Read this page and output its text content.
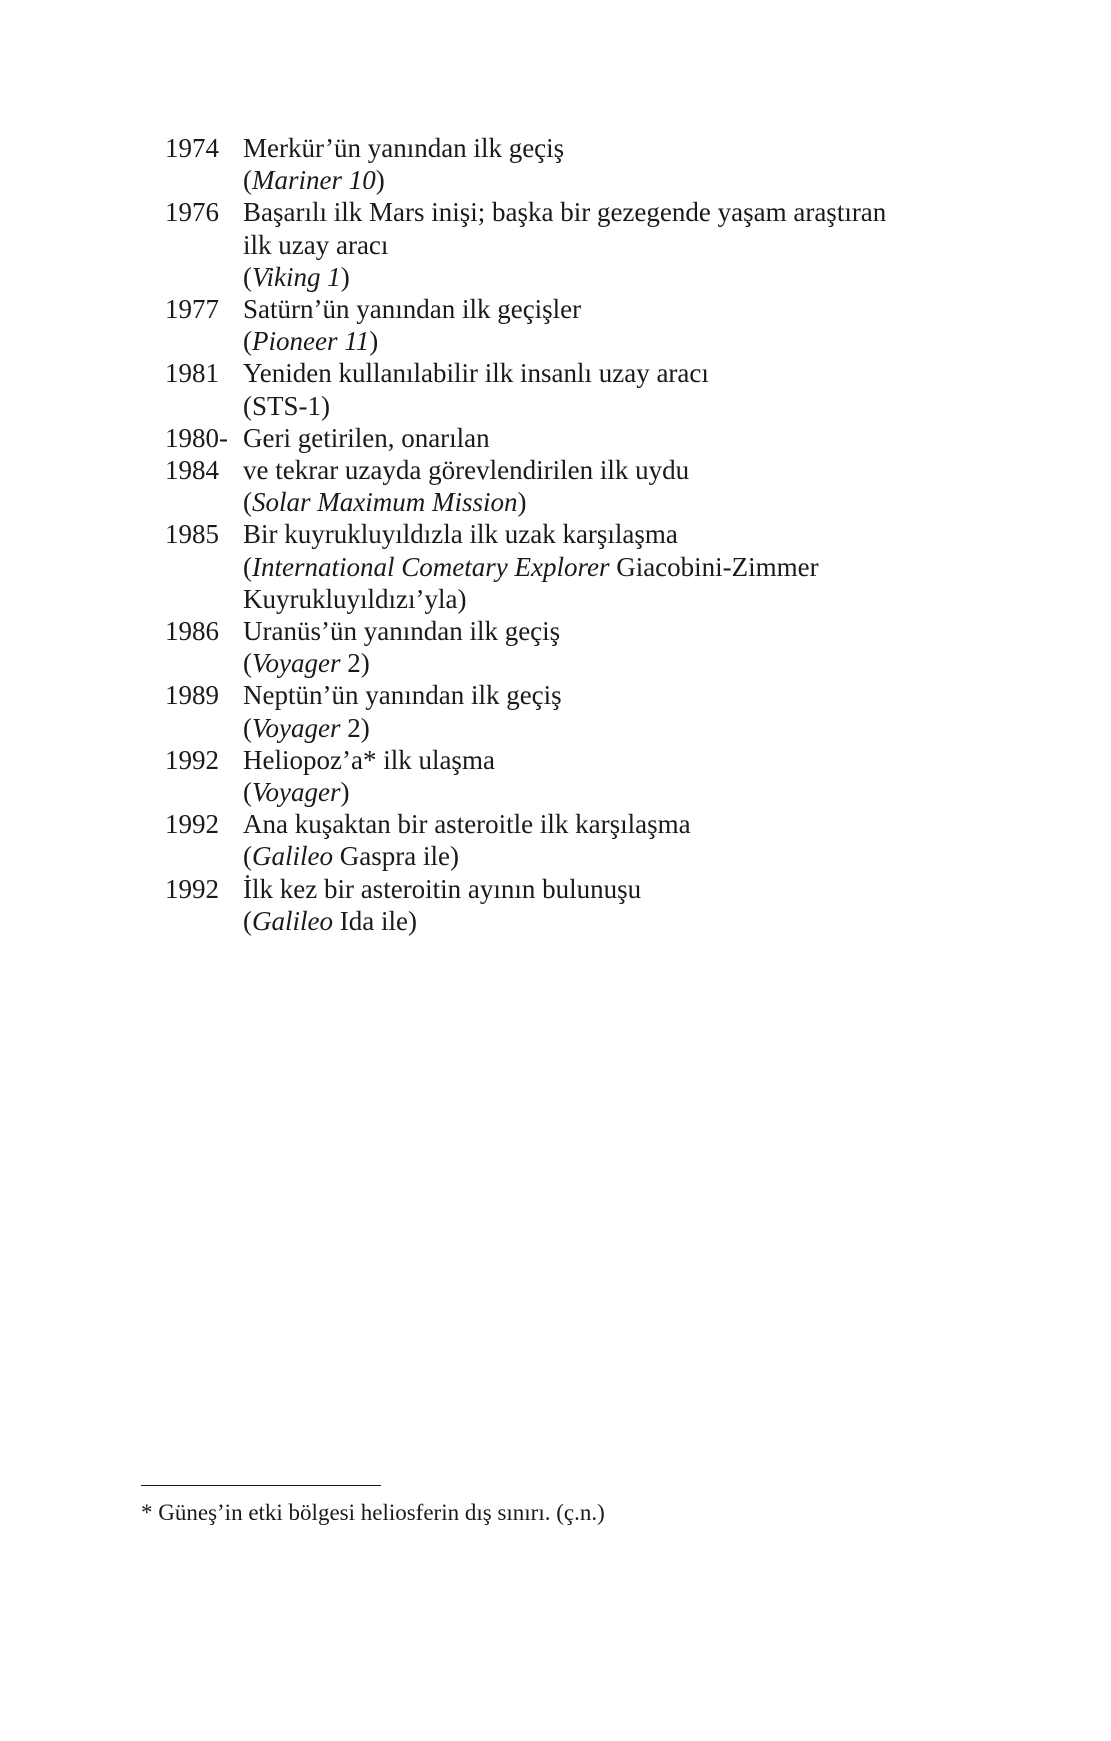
1974 Merkür’ün yanından ilk geçiş
(Mariner 10)
1976 Başarılı ilk Mars inişi; başka bir gezegende yaşam araştıran
ilk uzay aracı
(Viking 1)
1977 Satürn’ün yanından ilk geçişler
(Pioneer 11)
1981 Yeniden kullanılabilir ilk insanlı uzay aracı
(STS-1)
1980-
1984
Geri getirilen, onarılan
ve tekrar uzayda görevlendirilen ilk uydu
(Solar Maximum Mission)
1985 Bir kuyrukluyıldızla ilk uzak karşılaşma
(International Cometary Explorer Giacobini-Zimmer
Kuyrukluyıldızı’yla)
1986 Uranüs’ün yanından ilk geçiş
(Voyager 2)
1989 Neptün’ün yanından ilk geçiş
(Voyager 2)
1992 Heliopoz’a* ilk ulaşma
(Voyager)
1992 Ana kuşaktan bir asteroitle ilk karşılaşma
(Galileo Gaspra ile)
1992 İlk kez bir asteroitin ayının bulunuşu
(Galileo Ida ile)
* Güneş’in etki bölgesi heliosferin dış sınırı. (ç.n.)
